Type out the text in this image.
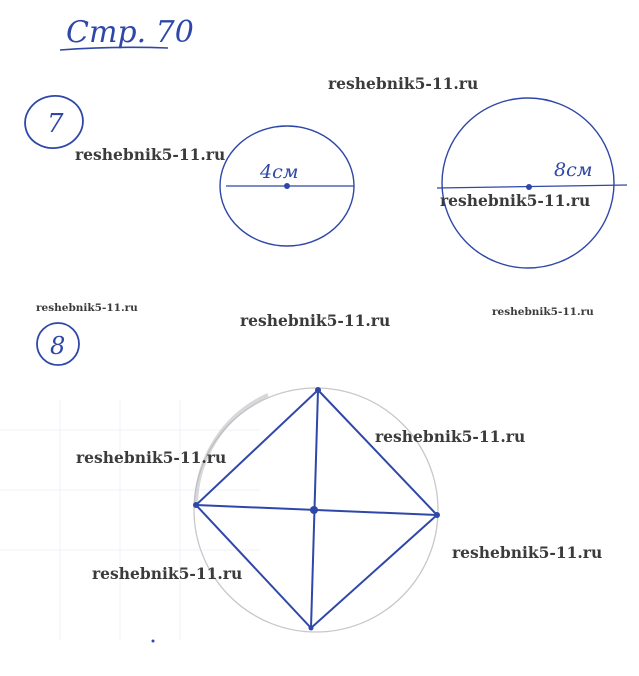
Стр. 70
7
4см	8см
8
reshebnik5-11.ru
reshebnik5-11.ru
reshebnik5-11.ru
reshebnik5-11.ru
reshebnik5-11.ru	reshebnik5-11.ru
reshebnik5-11.ru
reshebnik5-11.ru
reshebnik5-11.ru
reshebnik5-11.ru
